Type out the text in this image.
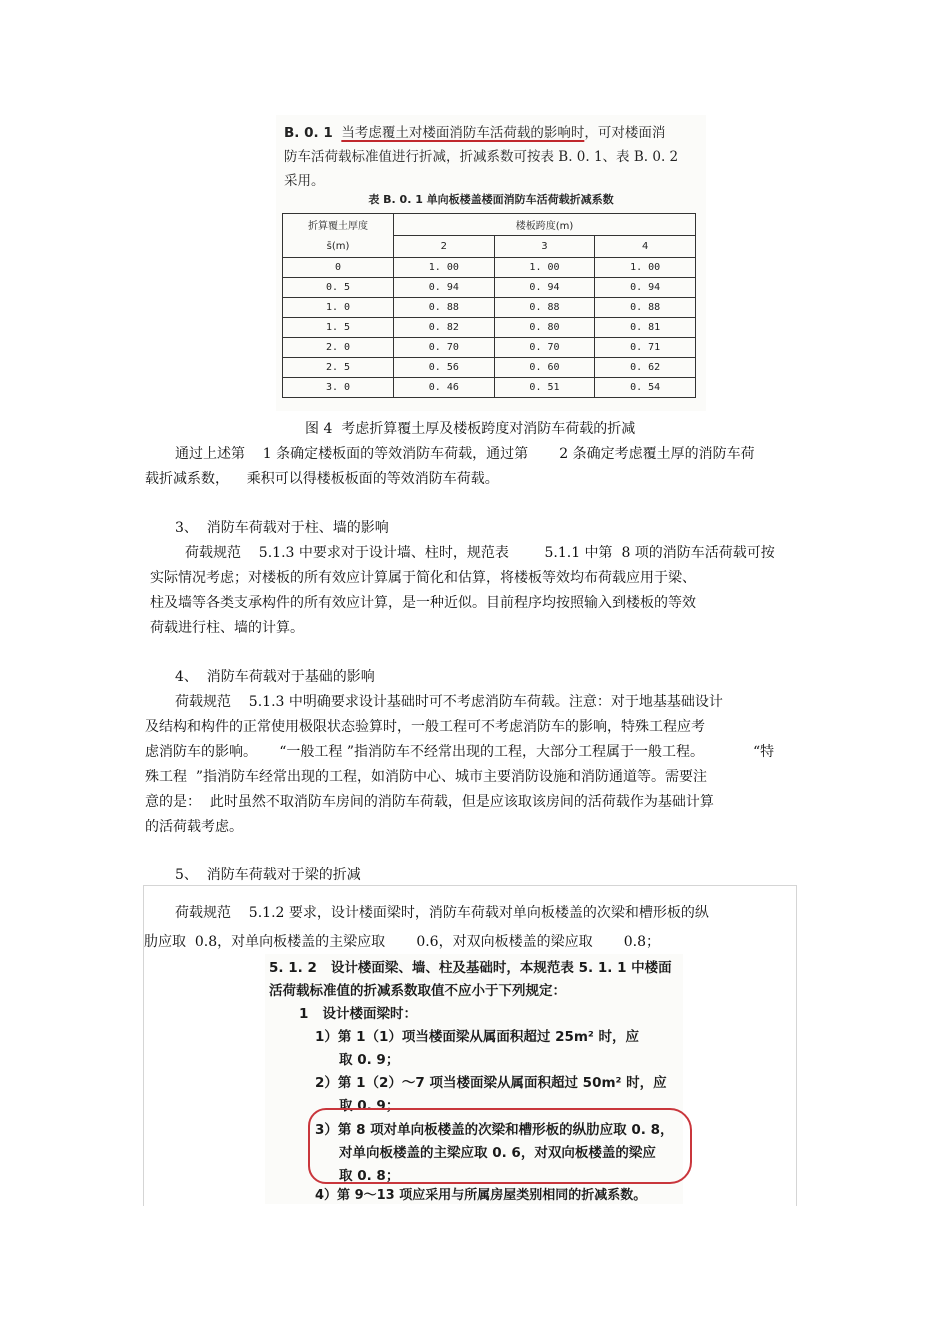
B. 0. 1 当考虑覆土对楼面消防车活荷载的影响时，可对楼面消
防车活荷载标准值进行折减，折减系数可按表 B. 0. 1、表 B. 0. 2
采用。
表 B. 0. 1 单向板楼盖楼面消防车活荷载折减系数
折算覆土厚度	楼板跨度(m)		
s̄(m)	2	3	4
0	1. 00	1. 00	1. 00
0. 5	0. 94	0. 94	0. 94
1. 0	0. 88	0. 88	0. 88
1. 5	0. 82	0. 80	0. 81
2. 0	0. 70	0. 70	0. 71
2. 5	0. 56	0. 60	0. 62
3. 0	0. 46	0. 51	0. 54
图 4  考虑折算覆土厚及楼板跨度对消防车荷载的折减
通过上述第    1 条确定楼板面的等效消防车荷载，通过第       2 条确定考虑覆土厚的消防车荷
载折减系数，    乘积可以得楼板板面的等效消防车荷载。
3、  消防车荷载对于柱、墙的影响
荷载规范    5.1.3 中要求对于设计墙、柱时，规范表        5.1.1 中第  8 项的消防车活荷载可按
实际情况考虑；对楼板的所有效应计算属于简化和估算，将楼板等效均布荷载应用于梁、
柱及墙等各类支承构件的所有效应计算，是一种近似。目前程序均按照输入到楼板的等效
荷载进行柱、墙的计算。
4、  消防车荷载对于基础的影响
荷载规范    5.1.3 中明确要求设计基础时可不考虑消防车荷载。注意：对于地基基础设计
及结构和构件的正常使用极限状态验算时，一般工程可不考虑消防车的影响，特殊工程应考
虑消防车的影响。     “一般工程 ”指消防车不经常出现的工程，大部分工程属于一般工程。           “特
殊工程  ”指消防车经常出现的工程，如消防中心、城市主要消防设施和消防通道等。需要注
意的是：  此时虽然不取消防车房间的消防车荷载，但是应该取该房间的活荷载作为基础计算
的活荷载考虑。
5、  消防车荷载对于梁的折减
荷载规范    5.1.2 要求，设计楼面梁时，消防车荷载对单向板楼盖的次梁和槽形板的纵
肋应取  0.8，对单向板楼盖的主梁应取       0.6，对双向板楼盖的梁应取       0.8；
5. 1. 2   设计楼面梁、墙、柱及基础时，本规范表 5. 1. 1 中楼面
活荷载标准值的折减系数取值不应小于下列规定：
1   设计楼面梁时：
1）第 1（1）项当楼面梁从属面积超过 25m² 时，应
取 0. 9；
2）第 1（2）～7 项当楼面梁从属面积超过 50m² 时，应
取 0. 9；
3）第 8 项对单向板楼盖的次梁和槽形板的纵肋应取 0. 8，
对单向板楼盖的主梁应取 0. 6，对双向板楼盖的梁应
取 0. 8；
4）第 9～13 项应采用与所属房屋类别相同的折减系数。
